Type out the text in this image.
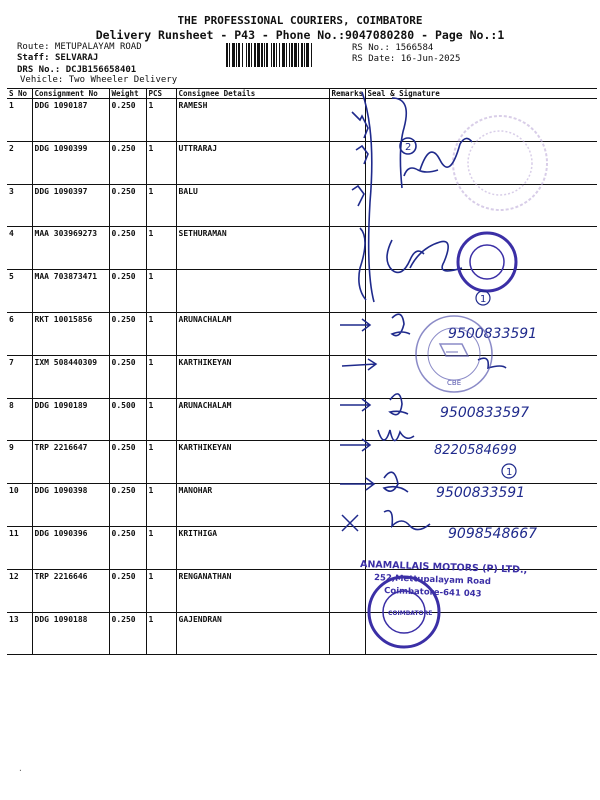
THE PROFESSIONAL COURIERS, COIMBATORE
Delivery Runsheet - P43 - Phone No.:9047080280 - Page No.:1
Route: METUPALAYAM ROAD
Staff: SELVARAJ
DRS No.: DCJB156658401
Vehicle: Two Wheeler Delivery
RS No.: 1566584
RS Date: 16-Jun-2025
S No	Consignment No	Weight	PCS	Consignee Details	Remarks	Seal & Signature
1	DDG 1090187	0.250	1	RAMESH		
2	DDG 1090399	0.250	1	UTTRARAJ		
3	DDG 1090397	0.250	1	BALU		
4	MAA 303969273	0.250	1	SETHURAMAN		
5	MAA 703873471	0.250	1			
6	RKT 10015856	0.250	1	ARUNACHALAM		
7	IXM 508440309	0.250	1	KARTHIKEYAN		
8	DDG 1090189	0.500	1	ARUNACHALAM		
9	TRP 2216647	0.250	1	KARTHIKEYAN		
10	DDG 1090398	0.250	1	MANOHAR		
11	DDG 1090396	0.250	1	KRITHIGA		
12	TRP 2216646	0.250	1	RENGANATHAN		
13	DDG 1090188	0.250	1	GAJENDRAN		
2
9500833591
9500833597
8220584699
9500833591
9098548667
1
1
CBE
ANAMALLAIS MOTORS (P) LTD.,
252,Mettupalayam Road
Coimbatore-641 043
COIMBATORE
·
